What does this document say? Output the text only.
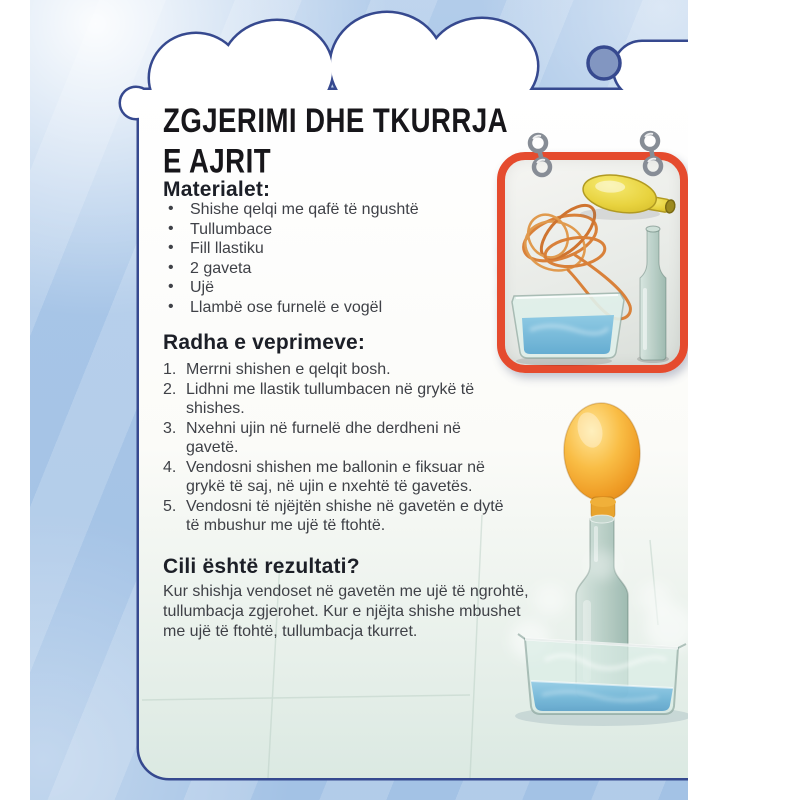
ZGJERIMI DHE TKURRJA
E AJRIT
Materialet:
• Shishe qelqi me qafë të ngushtë
• Tullumbace
• Fill llastiku
• 2 gaveta
• Ujë
• Llambë ose furnelë e vogël
Radha e veprimeve:
1. Merrni shishen e qelqit bosh.
2. Lidhni me llastik tullumbacen në grykë të shishes.
3. Nxehni ujin në furnelë dhe derdheni në gavetë.
4. Vendosni shishen me ballonin e fiksuar në grykë të saj, në ujin e nxehtë të gavetës.
5. Vendosni të njëjtën shishe në gavetën e dytë të mbushur me ujë të ftohtë.
Cili është rezultati?

Kur shishja vendoset në gavetën me ujë të ngrohtë, tullumbacja zgjerohet. Kur e njëjta shishe mbushet me ujë të ftohtë, tullumbacja tkurret.
